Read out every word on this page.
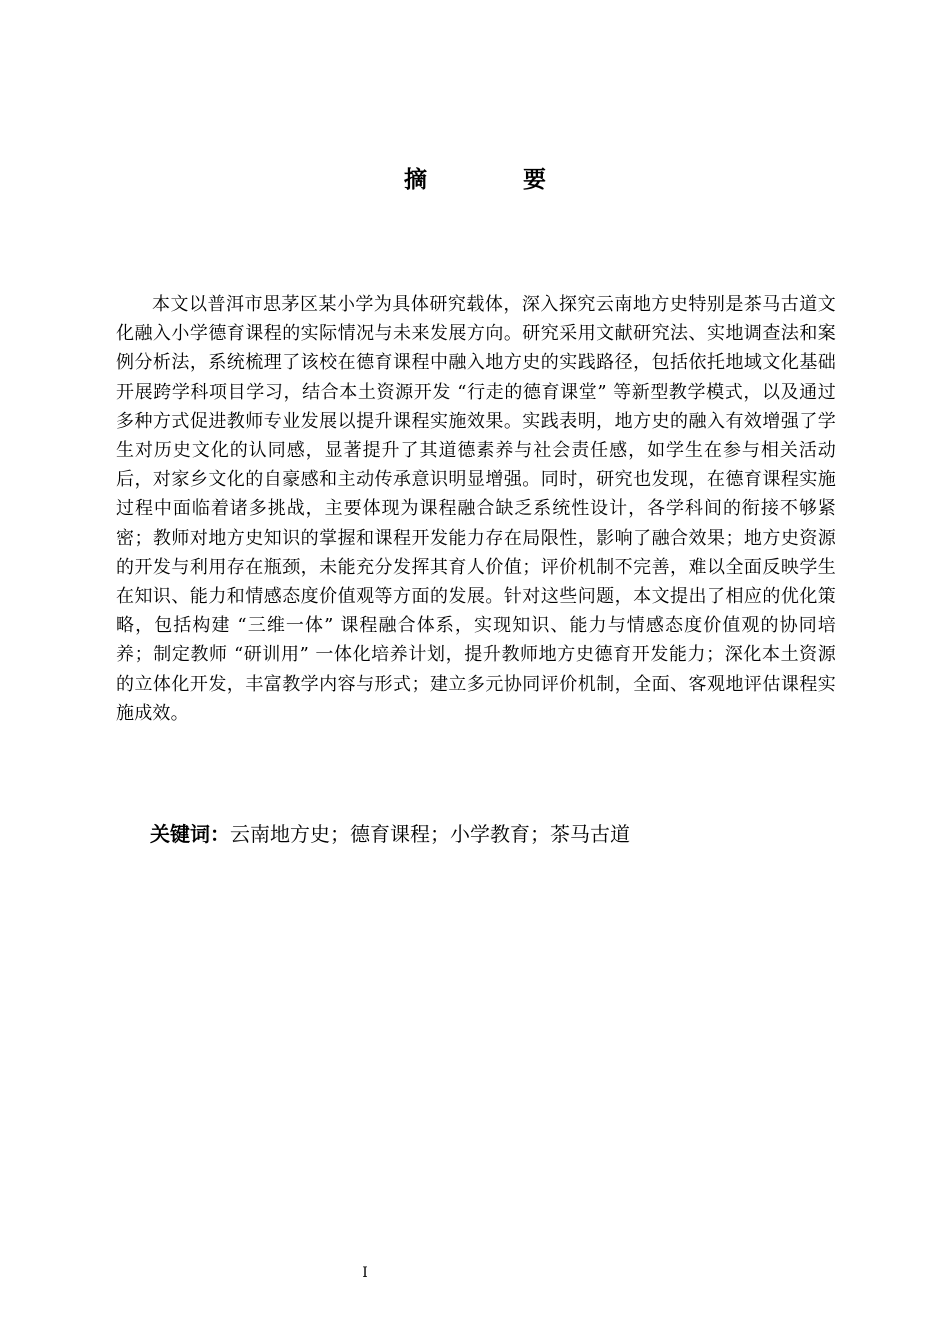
摘 要

本文以普洱市思茅区某小学为具体研究载体，深入探究云南地方史特别是茶马古道文化融入小学德育课程的实际情况与未来发展方向。研究采用文献研究法、实地调查法和案例分析法，系统梳理了该校在德育课程中融入地方史的实践路径，包括依托地域文化基础开展跨学科项目学习，结合本土资源开发 “行走的德育课堂” 等新型教学模式，以及通过多种方式促进教师专业发展以提升课程实施效果。实践表明，地方史的融入有效增强了学生对历史文化的认同感，显著提升了其道德素养与社会责任感，如学生在参与相关活动后，对家乡文化的自豪感和主动传承意识明显增强。同时，研究也发现，在德育课程实施过程中面临着诸多挑战，主要体现为课程融合缺乏系统性设计，各学科间的衔接不够紧密；教师对地方史知识的掌握和课程开发能力存在局限性，影响了融合效果；地方史资源的开发与利用存在瓶颈，未能充分发挥其育人价值；评价机制不完善，难以全面反映学生在知识、能力和情感态度价值观等方面的发展。针对这些问题，本文提出了相应的优化策略，包括构建 “三维一体” 课程融合体系，实现知识、能力与情感态度价值观的协同培养；制定教师 “研训用” 一体化培养计划，提升教师地方史德育开发能力；深化本土资源的立体化开发，丰富教学内容与形式；建立多元协同评价机制，全面、客观地评估课程实施成效。

关键词：云南地方史；德育课程；小学教育；茶马古道
I
